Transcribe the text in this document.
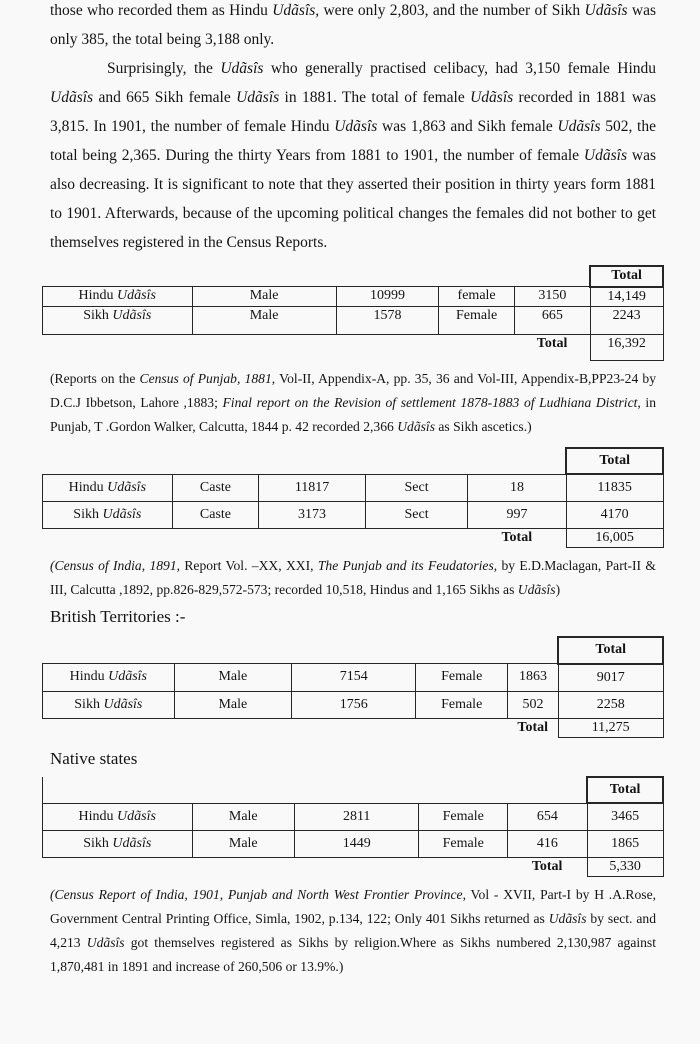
those who recorded them as Hindu Udãsîs, were only 2,803, and the number of Sikh Udãsîs was only 385, the total being 3,188 only.

Surprisingly, the Udãsîs who generally practised celibacy, had 3,150 female Hindu Udãsîs and 665 Sikh female Udãsîs in 1881. The total of female Udãsîs recorded in 1881 was 3,815. In 1901, the number of female Hindu Udãsîs was 1,863 and Sikh female Udãsîs 502, the total being 2,365. During the thirty Years from 1881 to 1901, the number of female Udãsîs was also decreasing. It is significant to note that they asserted their position in thirty years form 1881 to 1901. Afterwards, because of the upcoming political changes the females did not bother to get themselves registered in the Census Reports.

					Total
Hindu Udãsîs	Male	10999	female	3150	14,149
Sikh Udãsîs	Male	1578	Female	665	2243
				Total	16,392

(Reports on the Census of Punjab, 1881, Vol-II, Appendix-A, pp. 35, 36 and Vol-III, Appendix-B,PP23-24 by D.C.J Ibbetson, Lahore ,1883; Final report on the Revision of settlement 1878-1883 of Ludhiana District, in Punjab, T .Gordon Walker, Calcutta, 1844 p. 42 recorded 2,366 Udãsîs as Sikh ascetics.)

					Total
Hindu Udãsîs	Caste	11817	Sect	18	11835
Sikh Udãsîs	Caste	3173	Sect	997	4170
				Total	16,005

(Census of India, 1891, Report Vol. –XX, XXI, The Punjab and its Feudatories, by E.D.Maclagan, Part-II & III, Calcutta ,1892, pp.826-829,572-573; recorded 10,518, Hindus and 1,165 Sikhs as Udãsîs)

British Territories :-
					Total
Hindu Udãsîs	Male	7154	Female	1863	9017
Sikh Udãsîs	Male	1756	Female	502	2258
				Total	11,275
Native states
					Total
Hindu Udãsîs	Male	2811	Female	654	3465
Sikh Udãsîs	Male	1449	Female	416	1865
				Total	5,330

(Census Report of India, 1901, Punjab and North West Frontier Province, Vol - XVII, Part-I by H .A.Rose, Government Central Printing Office, Simla, 1902, p.134, 122; Only 401 Sikhs returned as Udãsîs by sect. and 4,213 Udãsîs got themselves registered as Sikhs by religion.Where as Sikhs numbered 2,130,987 against 1,870,481 in 1891 and increase of 260,506 or 13.9%.)
